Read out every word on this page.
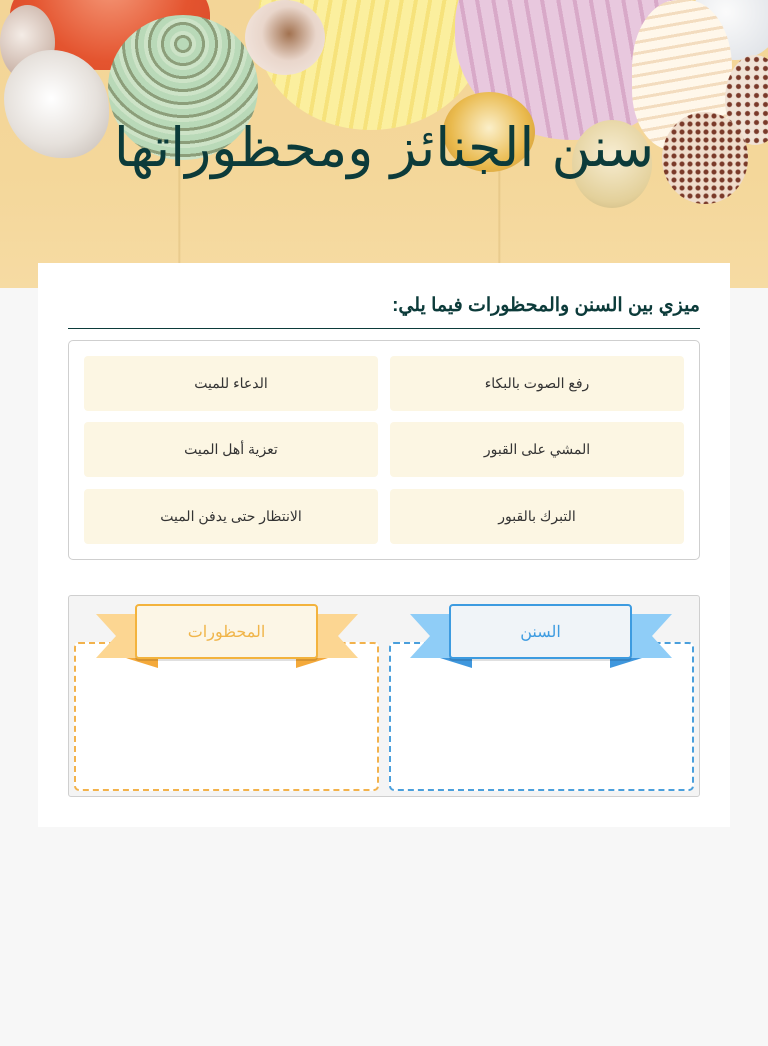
سنن الجنائز ومحظوراتها
ميزي بين السنن والمحظورات فيما يلي:
رفع الصوت بالبكاء
الدعاء للميت
المشي على القبور
تعزية أهل الميت
التبرك بالقبور
الانتظار حتى يدفن الميت
السنن
المحظورات
